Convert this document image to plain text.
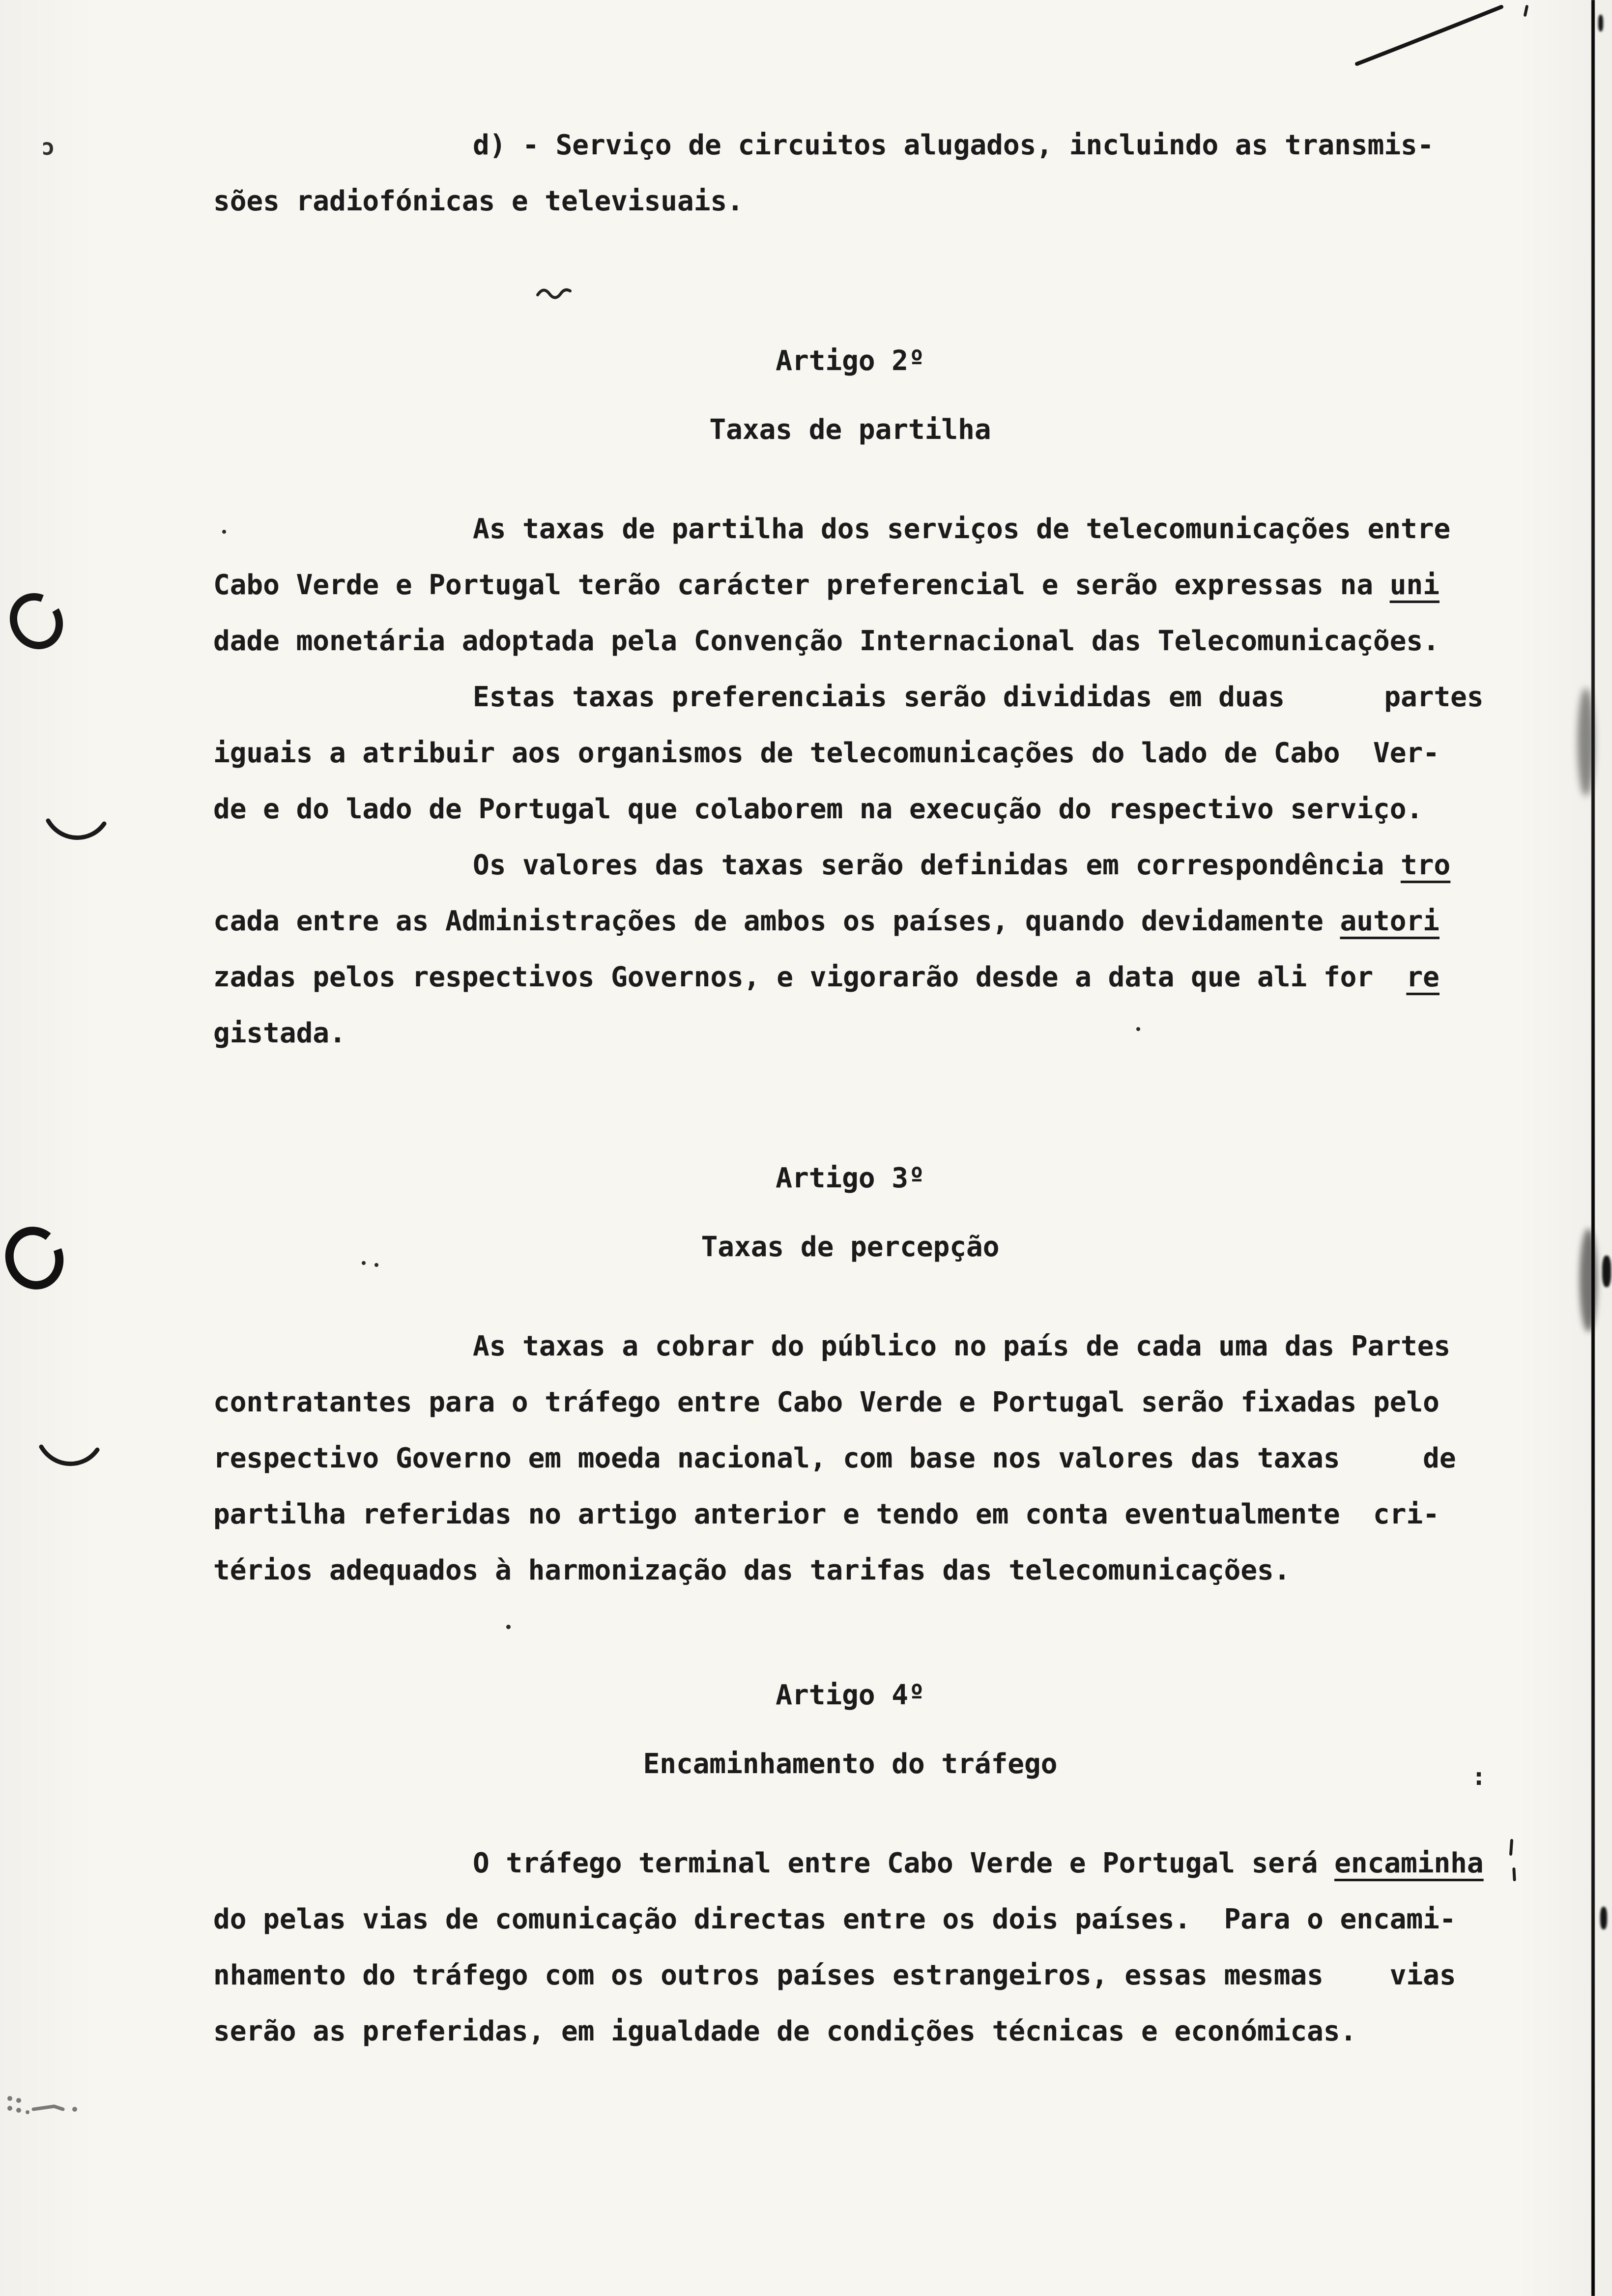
ɔ
:
d) - Serviço de circuitos alugados, incluindo as transmis-
sões radiofónicas e televisuais.
Artigo 2º
Taxas de partilha
As taxas de partilha dos serviços de telecomunicações entre
Cabo Verde e Portugal terão carácter preferencial e serão expressas na uni
dade monetária adoptada pela Convenção Internacional das Telecomunicações.
Estas taxas preferenciais serão divididas em duas      partes
iguais a atribuir aos organismos de telecomunicações do lado de Cabo  Ver-
de e do lado de Portugal que colaborem na execução do respectivo serviço.
Os valores das taxas serão definidas em correspondência tro
cada entre as Administrações de ambos os países, quando devidamente autori
zadas pelos respectivos Governos, e vigorarão desde a data que ali for  re
gistada.
Artigo 3º
Taxas de percepção
As taxas a cobrar do público no país de cada uma das Partes
contratantes para o tráfego entre Cabo Verde e Portugal serão fixadas pelo
respectivo Governo em moeda nacional, com base nos valores das taxas     de
partilha referidas no artigo anterior e tendo em conta eventualmente  cri-
térios adequados à harmonização das tarifas das telecomunicações.
Artigo 4º
Encaminhamento do tráfego
O tráfego terminal entre Cabo Verde e Portugal será encaminha
do pelas vias de comunicação directas entre os dois países.  Para o encami-
nhamento do tráfego com os outros países estrangeiros, essas mesmas    vias
serão as preferidas, em igualdade de condições técnicas e económicas.
